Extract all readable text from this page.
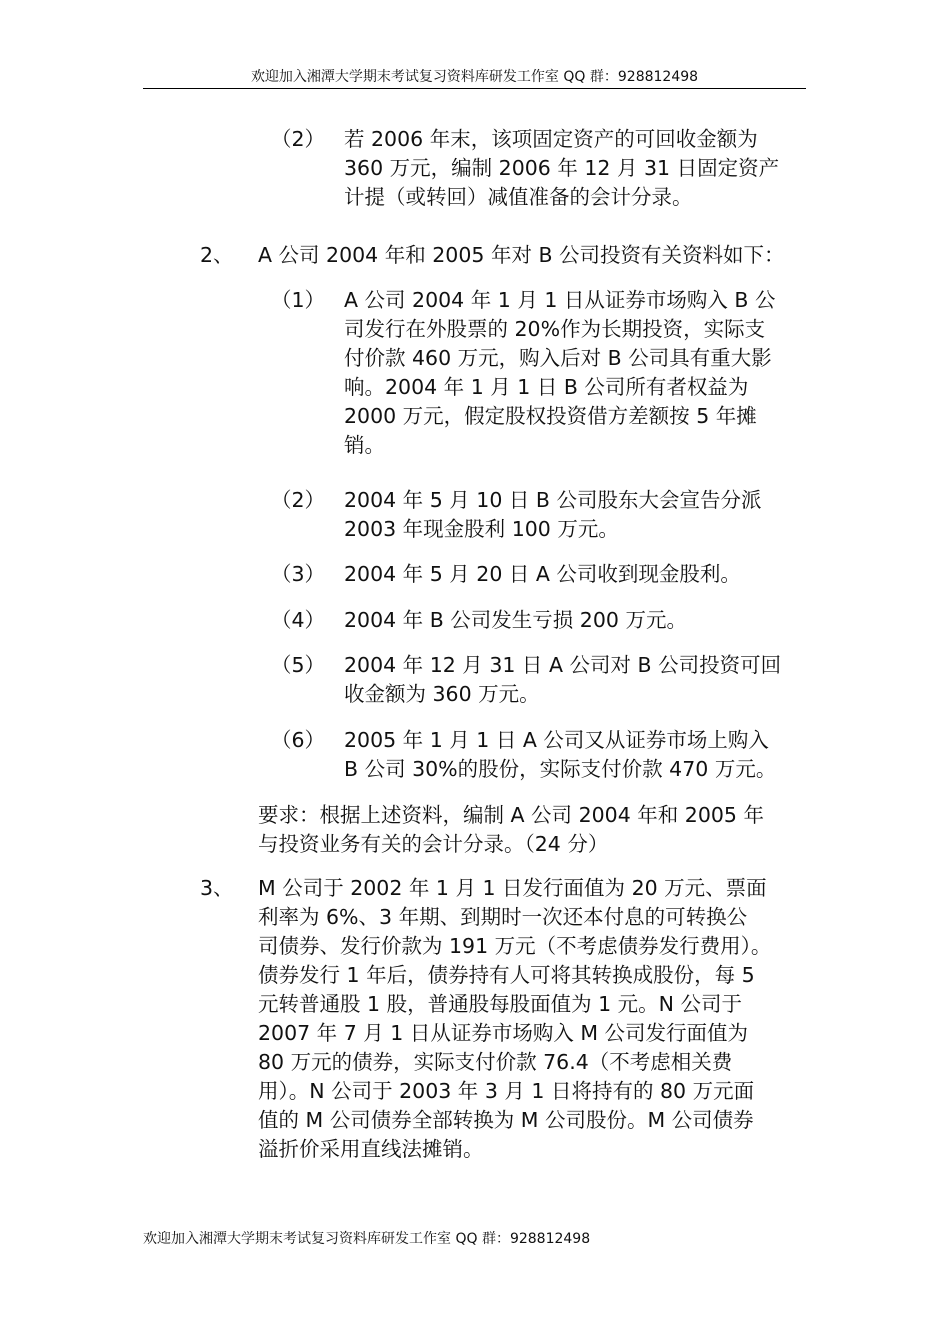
欢迎加入湘潭大学期末考试复习资料库研发工作室 QQ 群：928812498
（2） 若 2006 年末，该项固定资产的可回收金额为
360 万元，编制 2006 年 12 月 31 日固定资产
计提（或转回）减值准备的会计分录。
2、 A 公司 2004 年和 2005 年对 B 公司投资有关资料如下：
（1） A 公司 2004 年 1 月 1 日从证券市场购入 B 公
司发行在外股票的 20%作为长期投资，实际支
付价款 460 万元，购入后对 B 公司具有重大影
响。2004 年 1 月 1 日 B 公司所有者权益为
2000 万元，假定股权投资借方差额按 5 年摊
销。
（2） 2004 年 5 月 10 日 B 公司股东大会宣告分派
2003 年现金股利 100 万元。
（3） 2004 年 5 月 20 日 A 公司收到现金股利。
（4） 2004 年 B 公司发生亏损 200 万元。
（5） 2004 年 12 月 31 日 A 公司对 B 公司投资可回
收金额为 360 万元。
（6） 2005 年 1 月 1 日 A 公司又从证券市场上购入
B 公司 30%的股份，实际支付价款 470 万元。
要求：根据上述资料，编制 A 公司 2004 年和 2005 年
与投资业务有关的会计分录。（24 分）
3、 M 公司于 2002 年 1 月 1 日发行面值为 20 万元、票面
利率为 6%、3 年期、到期时一次还本付息的可转换公
司债券、发行价款为 191 万元（不考虑债券发行费用）。
债券发行 1 年后，债券持有人可将其转换成股份，每 5
元转普通股 1 股，普通股每股面值为 1 元。N 公司于
2007 年 7 月 1 日从证券市场购入 M 公司发行面值为
80 万元的债券，实际支付价款 76.4（不考虑相关费
用）。N 公司于 2003 年 3 月 1 日将持有的 80 万元面
值的 M 公司债券全部转换为 M 公司股份。M 公司债券
溢折价采用直线法摊销。
欢迎加入湘潭大学期末考试复习资料库研发工作室 QQ 群：928812498
